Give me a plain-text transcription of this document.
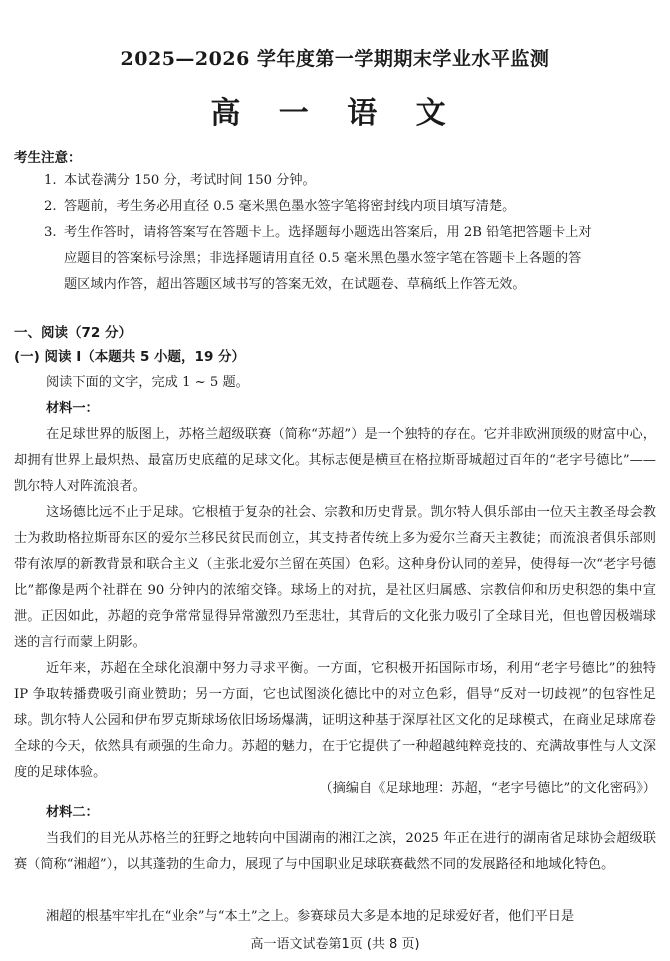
2025—2026 学年度第一学期期末学业水平监测
高 一 语 文
考生注意：
1. 本试卷满分 150 分，考试时间 150 分钟。
2. 答题前，考生务必用直径 0.5 毫米黑色墨水签字笔将密封线内项目填写清楚。
3. 考生作答时，请将答案写在答题卡上。选择题每小题选出答案后，用 2B 铅笔把答题卡上对
应题目的答案标号涂黑；非选择题请用直径 0.5 毫米黑色墨水签字笔在答题卡上各题的答
题区域内作答，超出答题区域书写的答案无效，在试题卷、草稿纸上作答无效。
一、阅读（72 分）
(一) 阅读 Ⅰ（本题共 5 小题，19 分）
阅读下面的文字，完成 1 ~ 5 题。
材料一：
在足球世界的版图上，苏格兰超级联赛（简称“苏超”）是一个独特的存在。它并非欧洲顶级的财富中心，却拥有世界上最炽热、最富历史底蕴的足球文化。其标志便是横亘在格拉斯哥城超过百年的“老字号德比”——凯尔特人对阵流浪者。
这场德比远不止于足球。它根植于复杂的社会、宗教和历史背景。凯尔特人俱乐部由一位天主教圣母会教士为救助格拉斯哥东区的爱尔兰移民贫民而创立，其支持者传统上多为爱尔兰裔天主教徒；而流浪者俱乐部则带有浓厚的新教背景和联合主义（主张北爱尔兰留在英国）色彩。这种身份认同的差异，使得每一次“老字号德比”都像是两个社群在 90 分钟内的浓缩交锋。球场上的对抗，是社区归属感、宗教信仰和历史积怨的集中宣泄。正因如此，苏超的竞争常常显得异常激烈乃至悲壮，其背后的文化张力吸引了全球目光，但也曾因极端球迷的言行而蒙上阴影。
近年来，苏超在全球化浪潮中努力寻求平衡。一方面，它积极开拓国际市场，利用“老字号德比”的独特 IP 争取转播费吸引商业赞助；另一方面，它也试图淡化德比中的对立色彩，倡导“反对一切歧视”的包容性足球。凯尔特人公园和伊布罗克斯球场依旧场场爆满，证明这种基于深厚社区文化的足球模式，在商业足球席卷全球的今天，依然具有顽强的生命力。苏超的魅力，在于它提供了一种超越纯粹竞技的、充满故事性与人文深度的足球体验。
（摘编自《足球地理：苏超，“老字号德比”的文化密码》）
材料二：
当我们的目光从苏格兰的狂野之地转向中国湖南的湘江之滨，2025 年正在进行的湖南省足球协会超级联赛（简称“湘超”），以其蓬勃的生命力，展现了与中国职业足球联赛截然不同的发展路径和地域化特色。
湘超的根基牢牢扎在“业余”与“本土”之上。参赛球员大多是本地的足球爱好者，他们平日是
高一语文试卷第1页 (共 8 页)
